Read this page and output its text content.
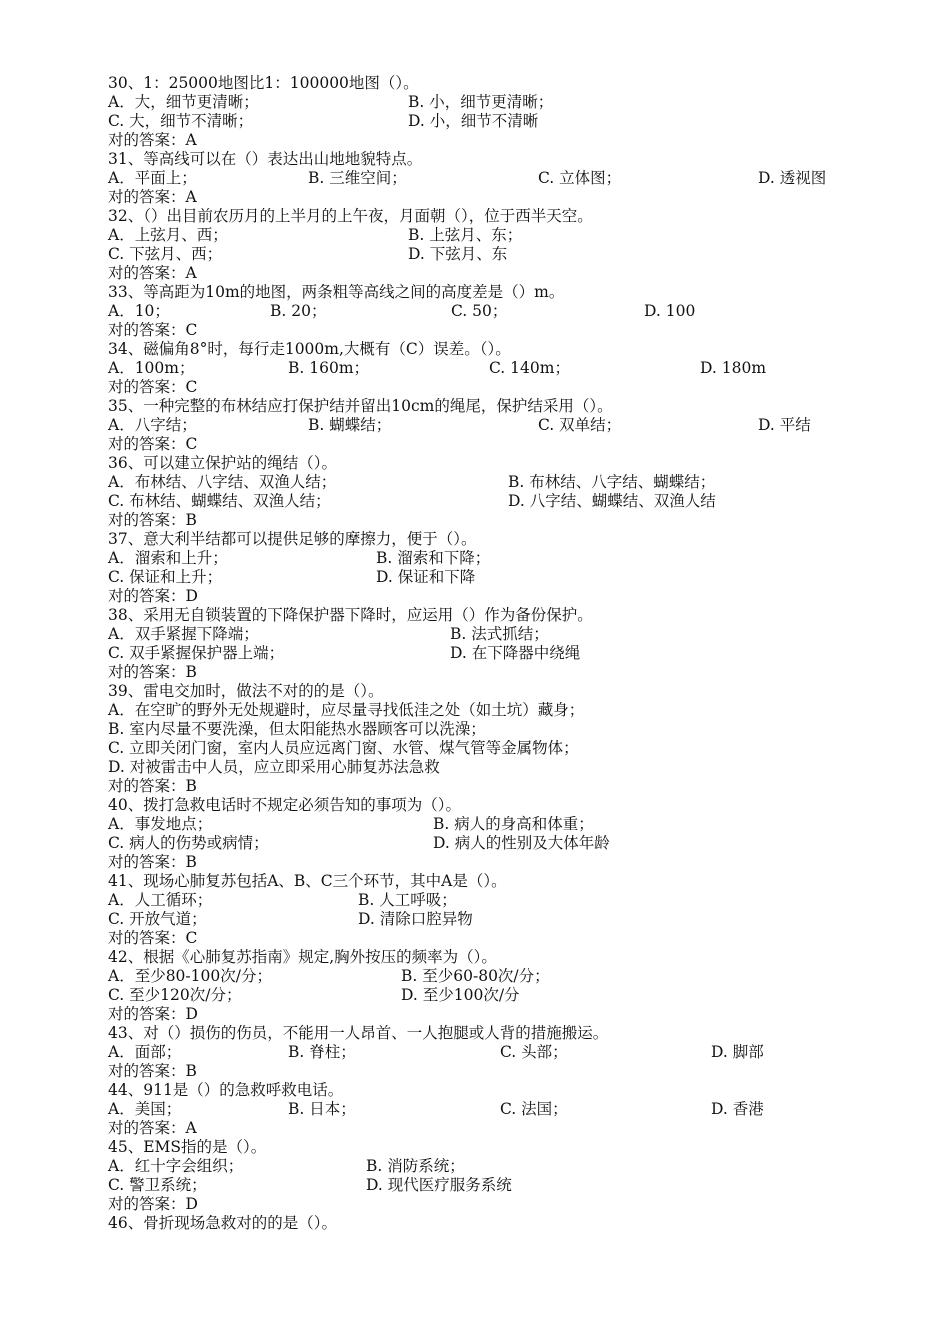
30、1：25000地图比1：100000地图（）。
A．大，细节更清晰；	B. 小，细节更清晰；
C. 大，细节不清晰；	D. 小，细节不清晰
对的答案：A
31、等高线可以在（）表达出山地地貌特点。
A．平面上；	B. 三维空间；	C. 立体图；	D. 透视图
对的答案：A
32、（）出目前农历月的上半月的上午夜，月面朝（），位于西半天空。
A．上弦月、西；	B. 上弦月、东；
C. 下弦月、西；	D. 下弦月、东
对的答案：A
33、等高距为10m的地图，两条粗等高线之间的高度差是（）m。
A．10；	B. 20；	C. 50；	D. 100
对的答案：C
34、磁偏角8°时，每行走1000m,大概有（C）误差。（）。
A．100m；	B. 160m；	C. 140m；	D. 180m
对的答案：C
35、一种完整的布林结应打保护结并留出10cm的绳尾，保护结采用（）。
A．八字结；	B. 蝴蝶结；	C. 双单结；	D. 平结
对的答案：C
36、可以建立保护站的绳结（）。
A．布林结、八字结、双渔人结；	B. 布林结、八字结、蝴蝶结；
C. 布林结、蝴蝶结、双渔人结；	D. 八字结、蝴蝶结、双渔人结
对的答案：B
37、意大利半结都可以提供足够的摩擦力，便于（）。
A．溜索和上升；	B. 溜索和下降；
C. 保证和上升；	D. 保证和下降
对的答案：D
38、采用无自锁装置的下降保护器下降时，应运用（）作为备份保护。
A．双手紧握下降端；	B. 法式抓结；
C. 双手紧握保护器上端；	D. 在下降器中绕绳
对的答案：B
39、雷电交加时，做法不对的的是（）。
A．在空旷的野外无处规避时，应尽量寻找低洼之处（如土坑）藏身；
B. 室内尽量不要洗澡，但太阳能热水器顾客可以洗澡；
C. 立即关闭门窗，室内人员应远离门窗、水管、煤气管等金属物体；
D. 对被雷击中人员，应立即采用心肺复苏法急救
对的答案：B
40、拨打急救电话时不规定必须告知的事项为（）。
A．事发地点；	B. 病人的身高和体重；
C. 病人的伤势或病情；	D. 病人的性别及大体年龄
对的答案：B
41、现场心肺复苏包括A、B、C三个环节，其中A是（）。
A．人工循环；	B. 人工呼吸；
C. 开放气道；	D. 清除口腔异物
对的答案：C
42、根据《心肺复苏指南》规定,胸外按压的频率为（）。
A．至少80-100次/分；	B. 至少60-80次/分；
C. 至少120次/分；	D. 至少100次/分
对的答案：D
43、对（）损伤的伤员，不能用一人昂首、一人抱腿或人背的措施搬运。
A．面部；	B. 脊柱；	C. 头部；	D. 脚部
对的答案：B
44、911是（）的急救呼救电话。
A．美国；	B. 日本；	C. 法国；	D. 香港
对的答案：A
45、EMS指的是（）。
A．红十字会组织；	B. 消防系统；
C. 警卫系统；	D. 现代医疗服务系统
对的答案：D
46、骨折现场急救对的的是（）。
